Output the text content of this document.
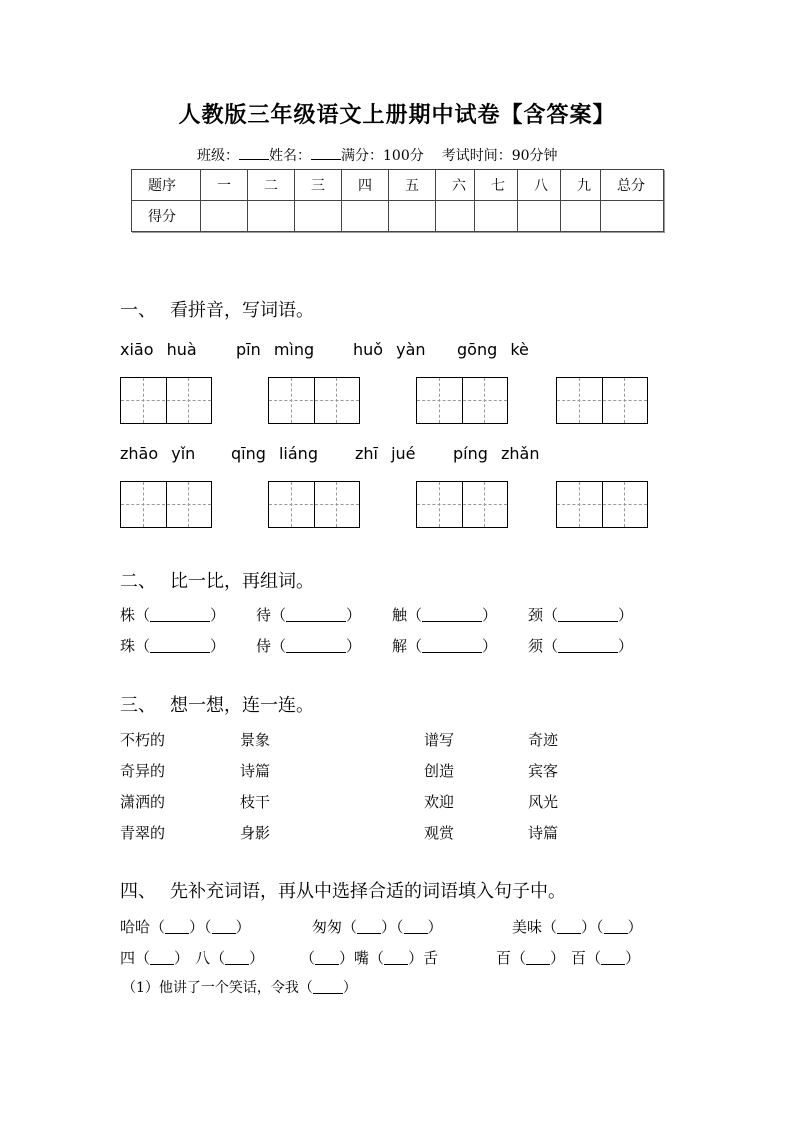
人教版三年级语文上册期中试卷【含答案】
班级： 姓名： 满分：100分 考试时间：90分钟
题序	一	二	三	四	五	六	七	八	九	总分
得分										
一、 看拼音，写词语。
xiāo huà pīn mìng huǒ yàn gōng kè
zhāo yǐn qīng liáng zhī jué píng zhǎn
二、 比一比，再组词。
株（	） 待（	） 触（	） 颈（	）
珠（	） 侍（	） 解（	） 须（	）
三、 想一想，连一连。
不朽的	景象	谱写	奇迹
奇异的	诗篇	创造	宾客
潇洒的	枝干	欢迎	风光
青翠的	身影	观赏	诗篇
四、 先补充词语，再从中选择合适的词语填入句子中。
哈哈（ ）（ ）	匆匆（ ）（ ）	美味（ ）（ ）
四（ ） 八（ ） （ ）嘴（ ）舌	百（ ） 百（ ）
（1）他讲了一个笑话，令我（ ）
